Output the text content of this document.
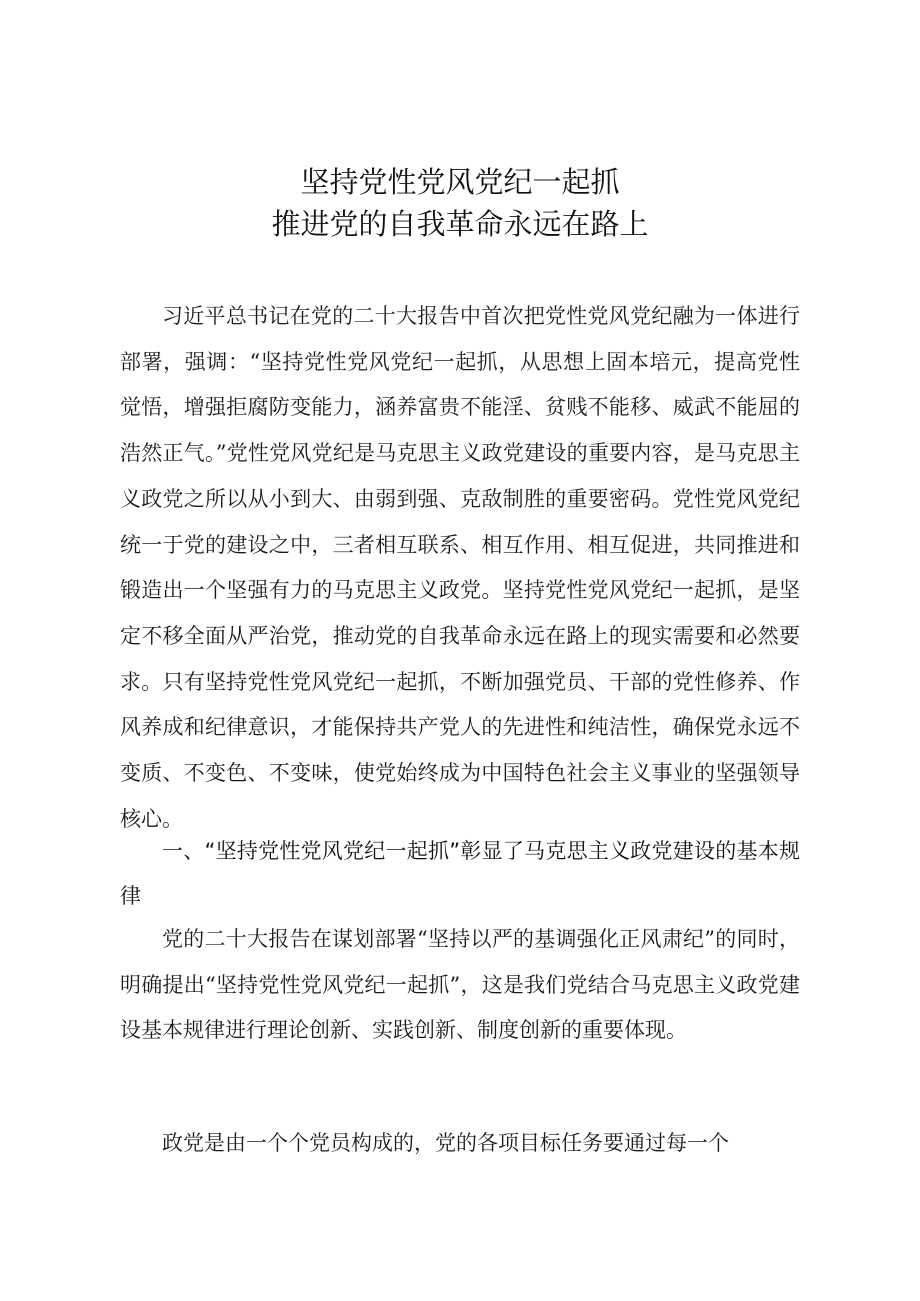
坚持党性党风党纪一起抓
推进党的自我革命永远在路上

习近平总书记在党的二十大报告中首次把党性党风党纪融为一体进行部署，强调：“坚持党性党风党纪一起抓，从思想上固本培元，提高党性觉悟，增强拒腐防变能力，涵养富贵不能淫、贫贱不能移、威武不能屈的浩然正气。”党性党风党纪是马克思主义政党建设的重要内容，是马克思主义政党之所以从小到大、由弱到强、克敌制胜的重要密码。党性党风党纪统一于党的建设之中，三者相互联系、相互作用、相互促进，共同推进和锻造出一个坚强有力的马克思主义政党。坚持党性党风党纪一起抓，是坚定不移全面从严治党，推动党的自我革命永远在路上的现实需要和必然要求。只有坚持党性党风党纪一起抓，不断加强党员、干部的党性修养、作风养成和纪律意识，才能保持共产党人的先进性和纯洁性，确保党永远不变质、不变色、不变味，使党始终成为中国特色社会主义事业的坚强领导核心。

一、“坚持党性党风党纪一起抓”彰显了马克思主义政党建设的基本规律

党的二十大报告在谋划部署“坚持以严的基调强化正风肃纪”的同时，明确提出“坚持党性党风党纪一起抓”，这是我们党结合马克思主义政党建设基本规律进行理论创新、实践创新、制度创新的重要体现。

政党是由一个个党员构成的，党的各项目标任务要通过每一个
